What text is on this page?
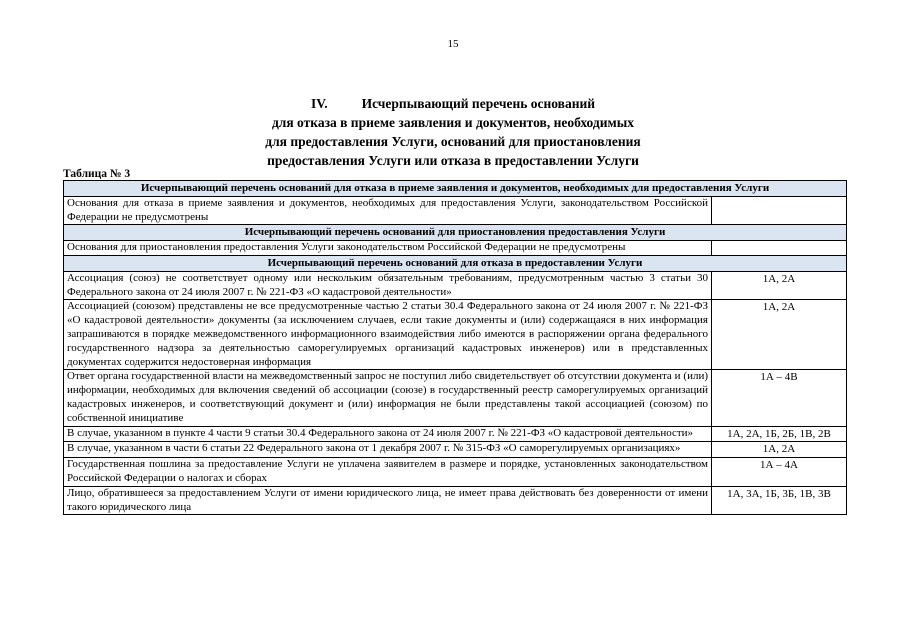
15
IV.	Исчерпывающий перечень оснований
для отказа в приеме заявления и документов, необходимых
для предоставления Услуги, оснований для приостановления
предоставления Услуги или отказа в предоставлении Услуги
Таблица № 3
Исчерпывающий перечень оснований для отказа в приеме заявления и документов, необходимых для предоставления Услуги	
Основания для отказа в приеме заявления и документов, необходимых для предоставления Услуги, законодательством Российской Федерации не предусмотрены	
Исчерпывающий перечень оснований для приостановления предоставления Услуги	
Основания для приостановления предоставления Услуги законодательством Российской Федерации не предусмотрены	
Исчерпывающий перечень оснований для отказа в предоставлении Услуги	
Ассоциация (союз) не соответствует одному или нескольким обязательным требованиям, предусмотренным частью 3 статьи 30 Федерального закона от 24 июля 2007 г. № 221-ФЗ «О кадастровой деятельности»	1А, 2А
Ассоциацией (союзом) представлены не все предусмотренные частью 2 статьи 30.4 Федерального закона от 24 июля 2007 г. № 221-ФЗ «О кадастровой деятельности» документы (за исключением случаев, если такие документы и (или) содержащаяся в них информация запрашиваются в порядке межведомственного информационного взаимодействия либо имеются в распоряжении органа федерального государственного надзора за деятельностью саморегулируемых организаций кадастровых инженеров) или в представленных документах содержится недостоверная информация	1А, 2А
Ответ органа государственной власти на межведомственный запрос не поступил либо свидетельствует об отсутствии документа и (или) информации, необходимых для включения сведений об ассоциации (союзе) в государственный реестр саморегулируемых организаций кадастровых инженеров, и соответствующий документ и (или) информация не были представлены такой ассоциацией (союзом) по собственной инициативе	1А – 4В
В случае, указанном в пункте 4 части 9 статьи 30.4 Федерального закона от 24 июля 2007 г. № 221-ФЗ «О кадастровой деятельности»	1А, 2А, 1Б, 2Б, 1В, 2В
В случае, указанном в части 6 статьи 22 Федерального закона от 1 декабря 2007 г. № 315-ФЗ «О саморегулируемых организациях»	1А, 2А
Государственная пошлина за предоставление Услуги не уплачена заявителем в размере и порядке, установленных законодательством Российской Федерации о налогах и сборах	1А – 4А
Лицо, обратившееся за предоставлением Услуги от имени юридического лица, не имеет права действовать без доверенности от имени такого юридического лица	1А, 3А, 1Б, 3Б, 1В, 3В
